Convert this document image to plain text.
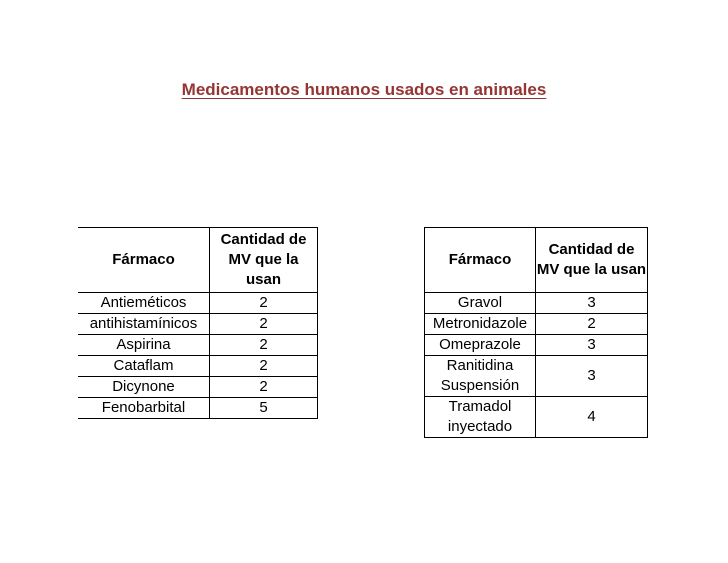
Medicamentos humanos usados en animales
Fármaco	Cantidad de MV que la usan
Antieméticos	2
antihistamínicos	2
Aspirina	2
Cataflam	2
Dicynone	2
Fenobarbital	5
Fármaco	Cantidad de MV que la usan
Gravol	3
Metronidazole	2
Omeprazole	3
Ranitidina Suspensión	3
Tramadol inyectado	4
